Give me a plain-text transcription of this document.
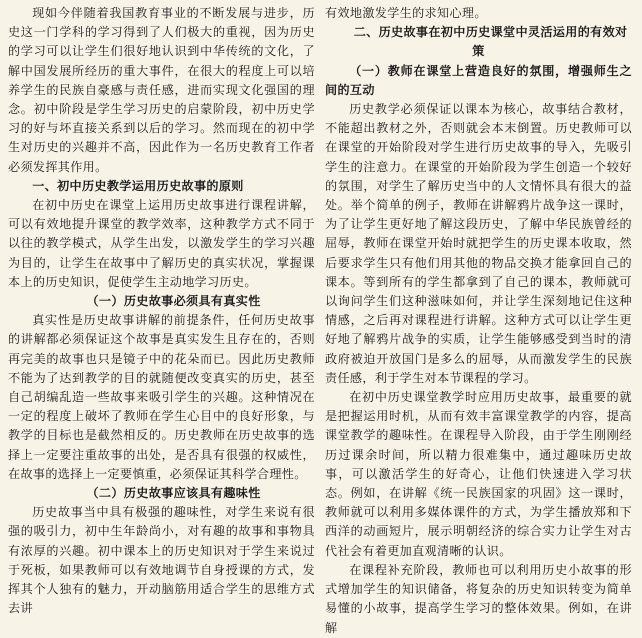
现如今伴随着我国教育事业的不断发展与进步，历史这一门学科的学习得到了人们极大的重视，因为历史的学习可以让学生们很好地认识到中华传统的文化，了解中国发展所经历的重大事件，在很大的程度上可以培养学生的民族自豪感与责任感，进而实现文化强国的理念。初中阶段是学生学习历史的启蒙阶段，初中历史学习的好与坏直接关系到以后的学习。然而现在的初中学生对历史的兴趣并不高，因此作为一名历史教育工作者必须发挥其作用。

一、初中历史教学运用历史故事的原则

在初中历史在课堂上运用历史故事进行课程讲解，可以有效地提升课堂的教学效率，这种教学方式不同于以往的教学模式，从学生出发，以激发学生的学习兴趣为目的，让学生在故事中了解历史的真实状况，掌握课本上的历史知识，促使学生主动地学习历史。

（一）历史故事必须具有真实性

真实性是历史故事讲解的前提条件，任何历史故事的讲解都必须保证这个故事是真实发生且存在的，否则再完美的故事也只是镜子中的花朵而已。因此历史教师不能为了达到教学的目的就随便改变真实的历史，甚至自己胡编乱造一些故事来吸引学生的兴趣。这种情况在一定的程度上破坏了教师在学生心目中的良好形象，与教学的目标也是截然相反的。历史教师在历史故事的选择上一定要注重故事的出处，是否具有很强的权威性，在故事的选择上一定要慎重，必须保证其科学合理性。

（二）历史故事应该具有趣味性

历史故事当中具有极强的趣味性，对学生来说有很强的吸引力，初中生年龄尚小，对有趣的故事和事物具有浓厚的兴趣。初中课本上的历史知识对于学生来说过于死板，如果教师可以有效地调节自身授课的方式，发挥其个人独有的魅力，开动脑筋用适合学生的思维方式去讲

有效地激发学生的求知心理。

二、历史故事在初中历史课堂中灵活运用的有效对策

（一）教师在课堂上营造良好的氛围，增强师生之间的互动

历史教学必须保证以课本为核心，故事结合教材，不能超出教材之外，否则就会本末倒置。历史教师可以在课堂的开始阶段对学生进行历史故事的导入，先吸引学生的注意力。在课堂的开始阶段为学生创造一个较好的氛围，对学生了解历史当中的人文情怀具有很大的益处。举个简单的例子，教师在讲解鸦片战争这一课时，为了让学生更好地了解这段历史，了解中华民族曾经的屈辱，教师在课堂开始时就把学生的历史课本收取，然后要求学生只有他们用其他的物品交换才能拿回自己的课本。等到所有的学生都拿到了自己的课本，教师就可以询问学生们这种滋味如何，并让学生深刻地记住这种情感，之后再对课程进行讲解。这种方式可以让学生更好地了解鸦片战争的实质，让学生能够感受到当时的清政府被迫开放国门是多么的屈辱，从而激发学生的民族责任感，利于学生对本节课程的学习。

在初中历史课堂教学时应用历史故事，最重要的就是把握运用时机，从而有效丰富课堂教学的内容，提高课堂教学的趣味性。在课程导入阶段，由于学生刚刚经历过课余时间，所以精力很难集中，通过趣味历史故事，可以激活学生的好奇心，让他们快速进入学习状态。例如，在讲解《统一民族国家的巩固》这一课时，教师就可以利用多媒体课件的方式，为学生播放郑和下西洋的动画短片，展示明朝经济的综合实力让学生对古代社会有着更加直观清晰的认识。

在课程补充阶段，教师也可以利用历史小故事的形式增加学生的知识储备，将复杂的历史知识转变为简单易懂的小故事，提高学生学习的整体效果。例如，在讲解
